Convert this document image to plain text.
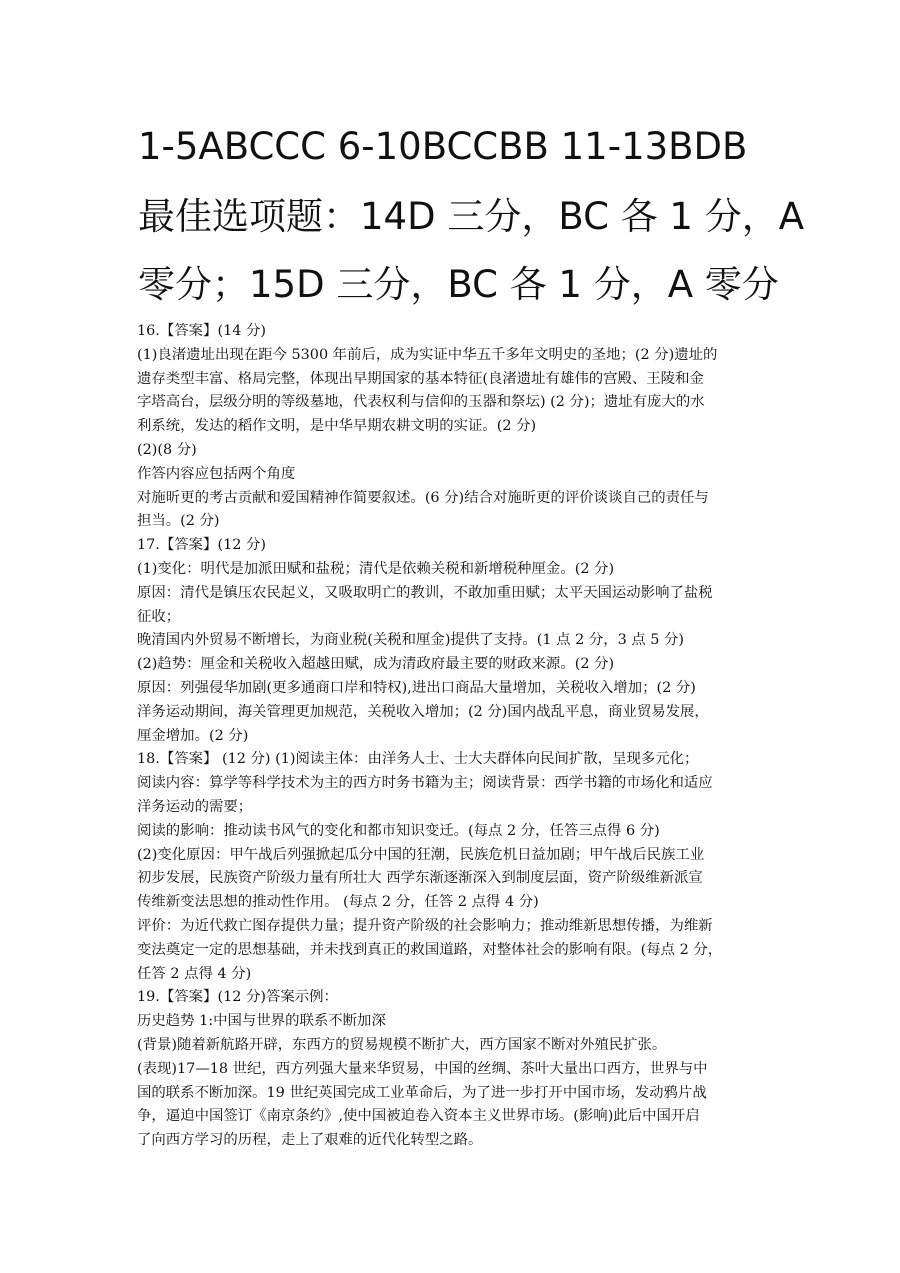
1-5ABCCC 6-10BCCBB 11-13BDB
最佳选项题：14D 三分，BC 各 1 分，A
零分；15D 三分，BC 各 1 分，A 零分

16.【答案】(14 分)

(1)良渚遗址出现在距今 5300 年前后，成为实证中华五千多年文明史的圣地；(2 分)遗址的

遗存类型丰富、格局完整，体现出早期国家的基本特征(良渚遗址有雄伟的宫殿、王陵和金

字塔高台，层级分明的等级墓地，代表权利与信仰的玉器和祭坛) (2 分)；遗址有庞大的水

利系统，发达的稻作文明，是中华早期农耕文明的实证。(2 分)

(2)(8 分)

作答内容应包括两个角度

对施昕更的考古贡献和爱国精神作简要叙述。(6 分)结合对施昕更的评价谈谈自己的责任与

担当。(2 分)

17.【答案】(12 分)

(1)变化：明代是加派田赋和盐税；清代是依赖关税和新增税种厘金。(2 分)

原因：清代是镇压农民起义，又吸取明亡的教训，不敢加重田赋；太平天国运动影响了盐税

征收；

晚清国内外贸易不断增长，为商业税(关税和厘金)提供了支持。(1 点 2 分，3 点 5 分)

(2)趋势：厘金和关税收入超越田赋，成为清政府最主要的财政来源。(2 分)

原因：列强侵华加剧(更多通商口岸和特权),进出口商品大量增加，关税收入增加；(2 分)

洋务运动期间，海关管理更加规范，关税收入增加；(2 分)国内战乱平息，商业贸易发展，

厘金增加。(2 分)

18.【答案】 (12 分) (1)阅读主体：由洋务人士、士大夫群体向民间扩散，呈现多元化；

阅读内容：算学等科学技术为主的西方时务书籍为主；阅读背景：西学书籍的市场化和适应

洋务运动的需要；

阅读的影响：推动读书风气的变化和都市知识变迁。(每点 2 分，任答三点得 6 分)

(2)变化原因：甲午战后列强掀起瓜分中国的狂潮，民族危机日益加剧；甲午战后民族工业

初步发展，民族资产阶级力量有所壮大 西学东渐逐渐深入到制度层面，资产阶级维新派宣

传维新变法思想的推动性作用。 (每点 2 分，任答 2 点得 4 分)

评价：为近代救亡图存提供力量；提升资产阶级的社会影响力；推动维新思想传播，为维新

变法奠定一定的思想基础，并未找到真正的救国道路，对整体社会的影响有限。(每点 2 分，

任答 2 点得 4 分)

19.【答案】(12 分)答案示例：

历史趋势 1:中国与世界的联系不断加深

(背景)随着新航路开辟，东西方的贸易规模不断扩大，西方国家不断对外殖民扩张。

(表现)17—18 世纪，西方列强大量来华贸易，中国的丝绸、茶叶大量出口西方，世界与中

国的联系不断加深。19 世纪英国完成工业革命后，为了进一步打开中国市场，发动鸦片战

争，逼迫中国签订《南京条约》,使中国被迫卷入资本主义世界市场。(影响)此后中国开启

了向西方学习的历程，走上了艰难的近代化转型之路。
